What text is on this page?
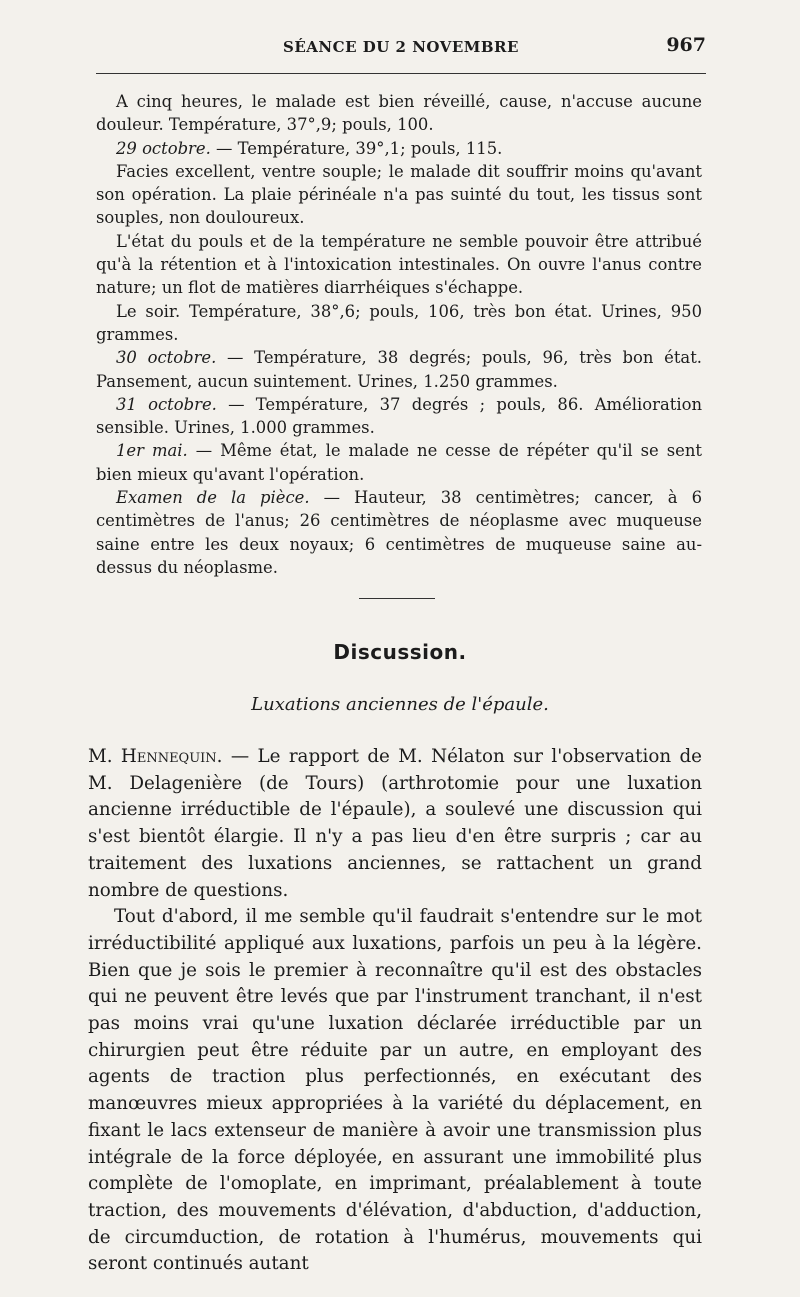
SÉANCE DU 2 NOVEMBRE	967

A cinq heures, le malade est bien réveillé, cause, n'accuse aucune douleur. Température, 37°,9; pouls, 100.

29 octobre. — Température, 39°,1; pouls, 115.

Facies excellent, ventre souple; le malade dit souffrir moins qu'avant son opération. La plaie périnéale n'a pas suinté du tout, les tissus sont souples, non douloureux.

L'état du pouls et de la température ne semble pouvoir être attribué qu'à la rétention et à l'intoxication intestinales. On ouvre l'anus contre nature; un flot de matières diarrhéiques s'échappe.

Le soir. Température, 38°,6; pouls, 106, très bon état. Urines, 950 grammes.

30 octobre. — Température, 38 degrés; pouls, 96, très bon état. Pansement, aucun suintement. Urines, 1.250 grammes.

31 octobre. — Température, 37 degrés ; pouls, 86. Amélioration sensible. Urines, 1.000 grammes.

1er mai. — Même état, le malade ne cesse de répéter qu'il se sent bien mieux qu'avant l'opération.

Examen de la pièce. — Hauteur, 38 centimètres; cancer, à 6 centimètres de l'anus; 26 centimètres de néoplasme avec muqueuse saine entre les deux noyaux; 6 centimètres de muqueuse saine au-dessus du néoplasme.

Discussion.
Luxations anciennes de l'épaule.

M. Hennequin. — Le rapport de M. Nélaton sur l'observation de M. Delagenière (de Tours) (arthrotomie pour une luxation ancienne irréductible de l'épaule), a soulevé une discussion qui s'est bientôt élargie. Il n'y a pas lieu d'en être surpris ; car au traitement des luxations anciennes, se rattachent un grand nombre de questions.

Tout d'abord, il me semble qu'il faudrait s'entendre sur le mot irréductibilité appliqué aux luxations, parfois un peu à la légère. Bien que je sois le premier à reconnaître qu'il est des obstacles qui ne peuvent être levés que par l'instrument tranchant, il n'est pas moins vrai qu'une luxation déclarée irréductible par un chirurgien peut être réduite par un autre, en employant des agents de traction plus perfectionnés, en exécutant des manœuvres mieux appropriées à la variété du déplacement, en fixant le lacs extenseur de manière à avoir une transmission plus intégrale de la force déployée, en assurant une immobilité plus complète de l'omoplate, en imprimant, préalablement à toute traction, des mouvements d'élévation, d'abduction, d'adduction, de circumduction, de rotation à l'humérus, mouvements qui seront continués autant
